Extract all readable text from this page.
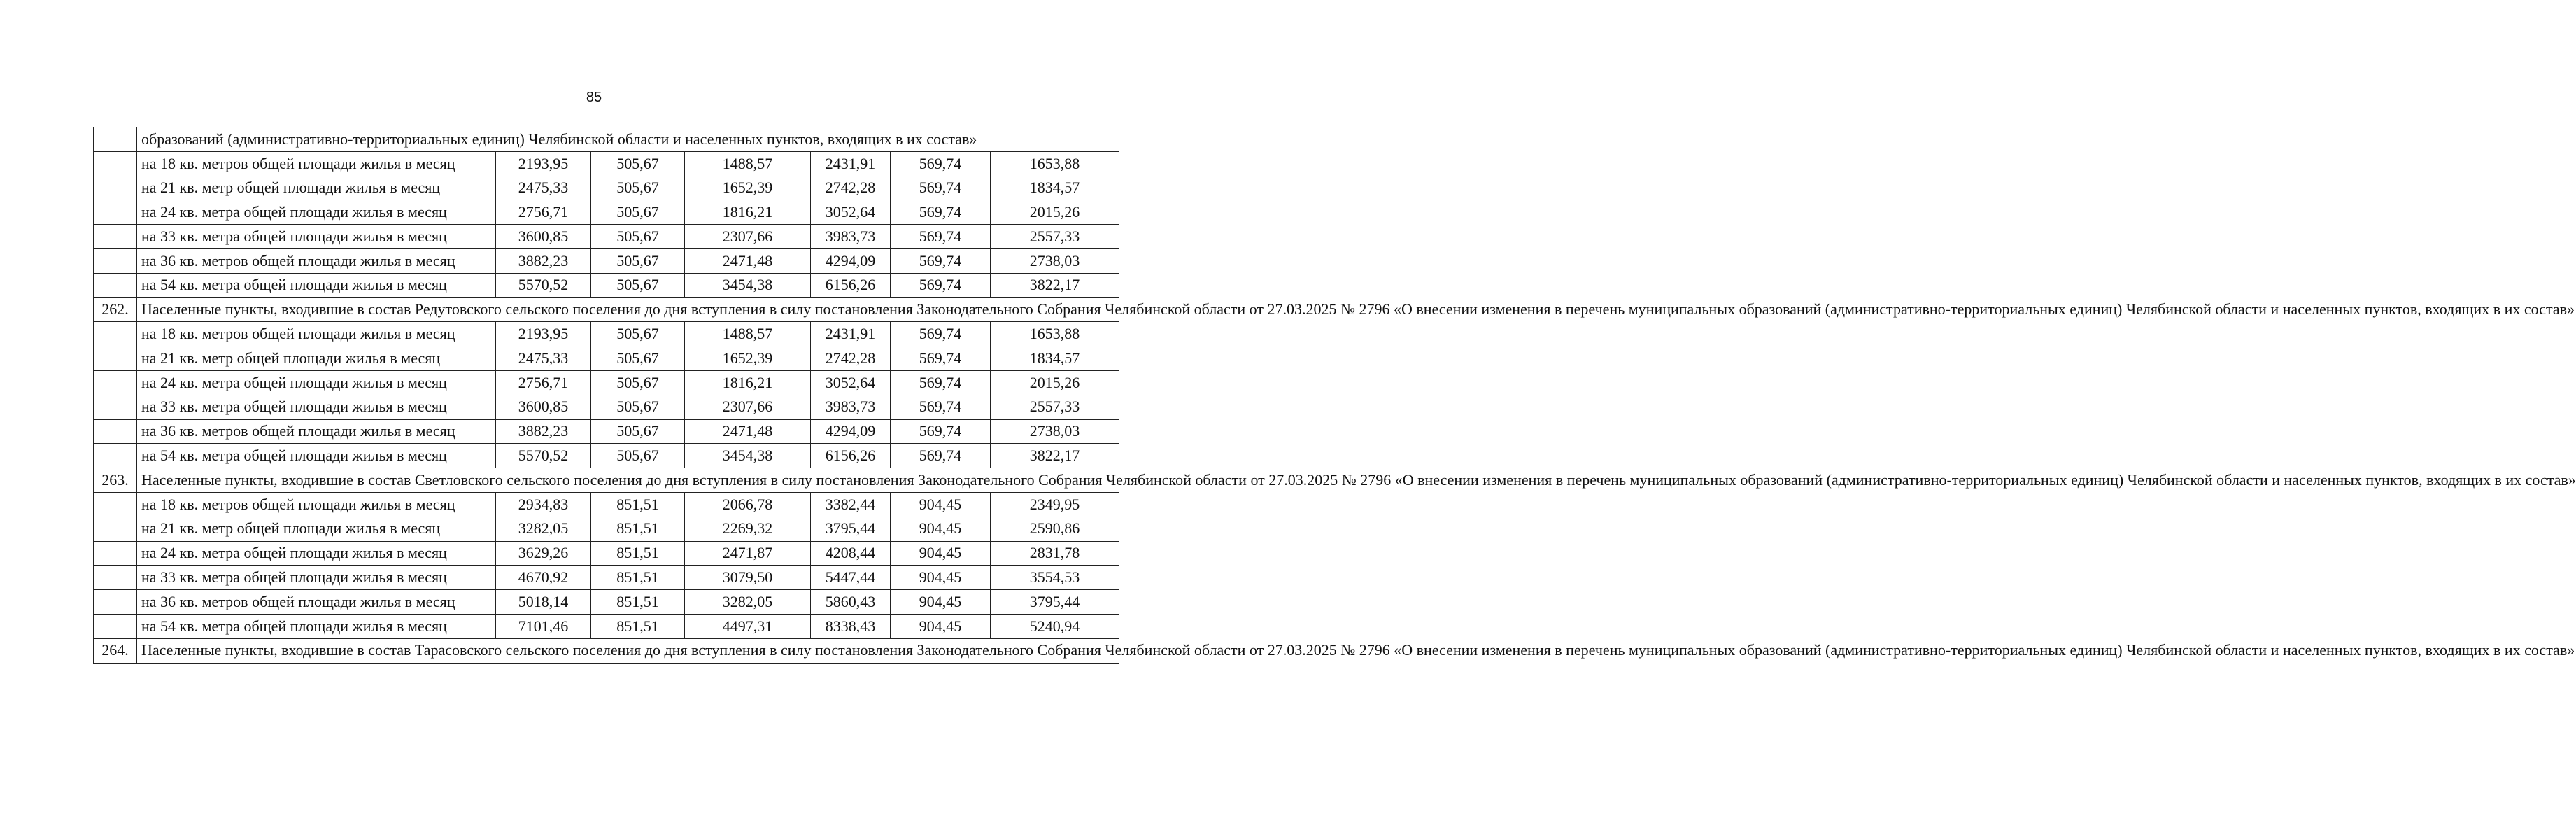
85
	образований (административно-территориальных единиц) Челябинской области и населенных пунктов, входящих в их состав»						
	на 18 кв. метров общей площади жилья в месяц	2193,95	505,67	1488,57	2431,91	569,74	1653,88
	на 21 кв. метр общей площади жилья в месяц	2475,33	505,67	1652,39	2742,28	569,74	1834,57
	на 24 кв. метра общей площади жилья в месяц	2756,71	505,67	1816,21	3052,64	569,74	2015,26
	на 33 кв. метра общей площади жилья в месяц	3600,85	505,67	2307,66	3983,73	569,74	2557,33
	на 36 кв. метров общей площади жилья в месяц	3882,23	505,67	2471,48	4294,09	569,74	2738,03
	на 54 кв. метра общей площади жилья в месяц	5570,52	505,67	3454,38	6156,26	569,74	3822,17
262.	Населенные пункты, входившие в состав Редутовского сельского поселения до дня вступления в силу постановления Законодательного Собрания Челябинской области от 27.03.2025 № 2796 «О внесении изменения в перечень муниципальных образований (административно-территориальных единиц) Челябинской области и населенных пунктов, входящих в их состав»						
	на 18 кв. метров общей площади жилья в месяц	2193,95	505,67	1488,57	2431,91	569,74	1653,88
	на 21 кв. метр общей площади жилья в месяц	2475,33	505,67	1652,39	2742,28	569,74	1834,57
	на 24 кв. метра общей площади жилья в месяц	2756,71	505,67	1816,21	3052,64	569,74	2015,26
	на 33 кв. метра общей площади жилья в месяц	3600,85	505,67	2307,66	3983,73	569,74	2557,33
	на 36 кв. метров общей площади жилья в месяц	3882,23	505,67	2471,48	4294,09	569,74	2738,03
	на 54 кв. метра общей площади жилья в месяц	5570,52	505,67	3454,38	6156,26	569,74	3822,17
263.	Населенные пункты, входившие в состав Светловского сельского поселения до дня вступления в силу постановления Законодательного Собрания Челябинской области от 27.03.2025 № 2796 «О внесении изменения в перечень муниципальных образований (административно-территориальных единиц) Челябинской области и населенных пунктов, входящих в их состав»						
	на 18 кв. метров общей площади жилья в месяц	2934,83	851,51	2066,78	3382,44	904,45	2349,95
	на 21 кв. метр общей площади жилья в месяц	3282,05	851,51	2269,32	3795,44	904,45	2590,86
	на 24 кв. метра общей площади жилья в месяц	3629,26	851,51	2471,87	4208,44	904,45	2831,78
	на 33 кв. метра общей площади жилья в месяц	4670,92	851,51	3079,50	5447,44	904,45	3554,53
	на 36 кв. метров общей площади жилья в месяц	5018,14	851,51	3282,05	5860,43	904,45	3795,44
	на 54 кв. метра общей площади жилья в месяц	7101,46	851,51	4497,31	8338,43	904,45	5240,94
264.	Населенные пункты, входившие в состав Тарасовского сельского поселения до дня вступления в силу постановления Законодательного Собрания Челябинской области от 27.03.2025 № 2796 «О внесении изменения в перечень муниципальных образований (административно-территориальных единиц) Челябинской области и населенных пунктов, входящих в их состав»						
